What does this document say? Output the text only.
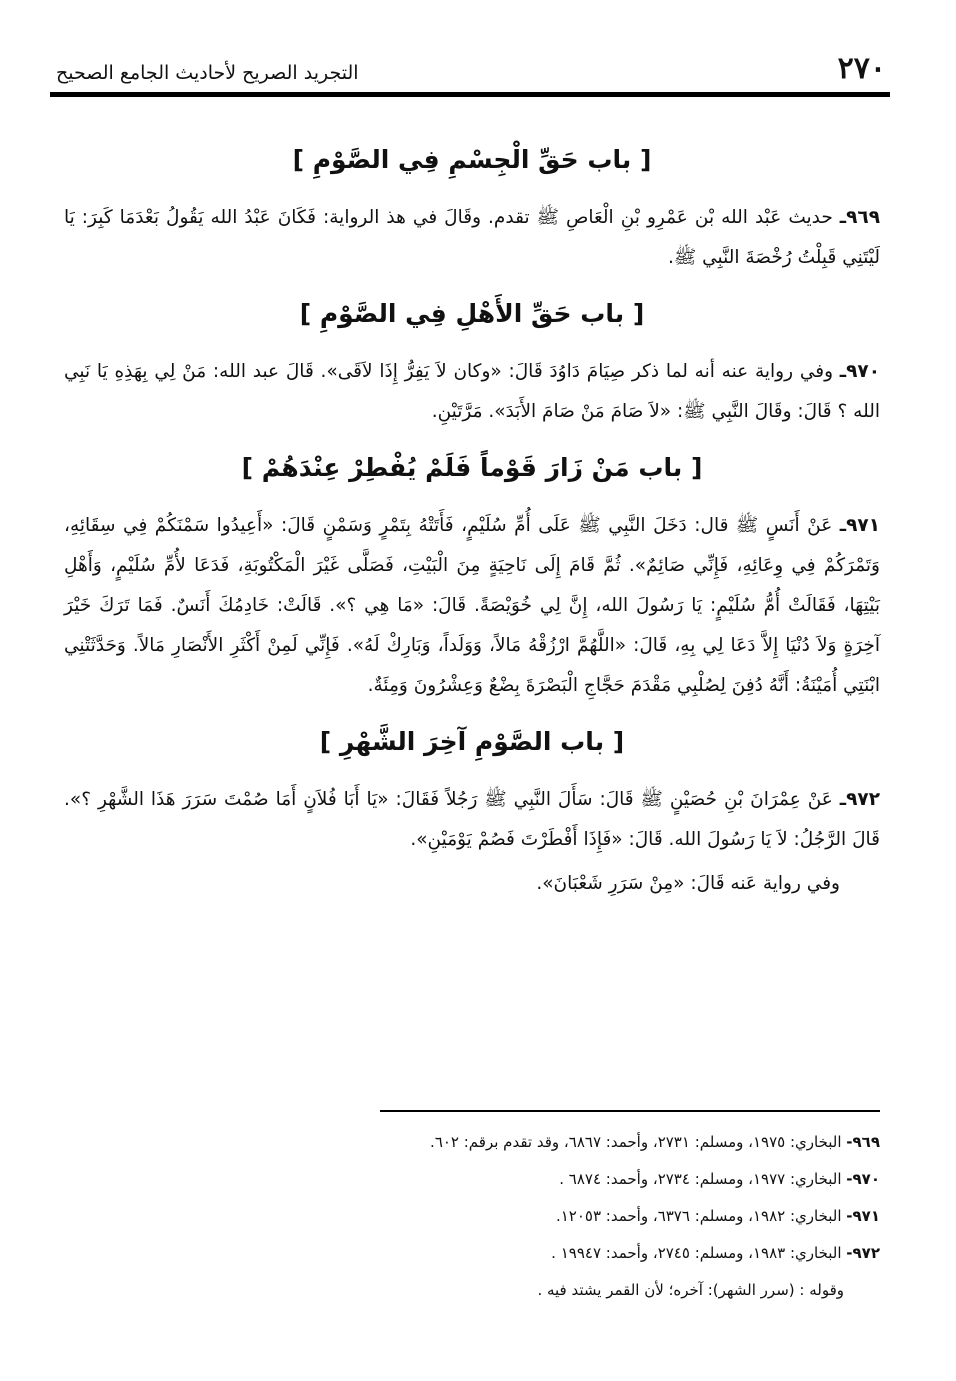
٢٧٠
التجريد الصريح لأحاديث الجامع الصحيح
[ باب حَقِّ الْجِسْمِ فِي الصَّوْمِ ]

٩٦٩ـ حديث عَبْد الله بْن عَمْرِو بْنِ الْعَاصِ ﷺ تقدم. وقَالَ في هذ الرواية: فَكَانَ عَبْدُ الله يَقُولُ بَعْدَمَا كَبِرَ: يَا لَيْتَنِي قَبِلْتُ رُخْصَةَ النَّبِي ﷺ.

[ باب حَقِّ الأَهْلِ فِي الصَّوْمِ ]

٩٧٠ـ وفي رواية عنه أنه لما ذكر صِيَامَ دَاوُدَ قَالَ: «وكان لاَ يَفِرُّ إِذَا لاَقَى». قَالَ عبد الله: مَنْ لِي بِهَذِهِ يَا نَبِي الله ؟ قَالَ: وقَالَ النَّبِي ﷺ: «لاَ صَامَ مَنْ صَامَ الأَبَدَ». مَرَّتَيْنِ.

[ باب مَنْ زَارَ قَوْماً فَلَمْ يُفْطِرْ عِنْدَهُمْ ]

٩٧١ـ عَنْ أَنَسٍ ﷺ قال: دَخَلَ النَّبِي ﷺ عَلَى أُمِّ سُلَيْمٍ، فَأَتَتْهُ بِتَمْرٍ وَسَمْنٍ قَالَ: «أَعِيدُوا سَمْنَكُمْ فِي سِقَائِهِ، وَتَمْرَكُمْ فِي وِعَائِهِ، فَإِنِّي صَائِمٌ». ثُمَّ قَامَ إِلَى نَاحِيَةٍ مِنَ الْبَيْتِ، فَصَلَّى غَيْرَ الْمَكْتُوبَةِ، فَدَعَا لأُمِّ سُلَيْمٍ، وَأَهْلِ بَيْتِهَا، فَقَالَتْ أُمُّ سُلَيْمٍ: يَا رَسُولَ الله، إِنَّ لِي خُوَيْصَةً. قَالَ: «مَا هِي ؟». قَالَتْ: خَادِمُكَ أَنَسٌ. فَمَا تَرَكَ خَيْرَ آخِرَةٍ وَلاَ دُنْيَا إِلاَّ دَعَا لِي بِهِ، قَالَ: «اللَّهُمَّ ارْزُقْهُ مَالاً، وَوَلَداً، وَبَارِكْ لَهُ». فَإِنِّي لَمِنْ أَكْثَرِ الأَنْصَارِ مَالاً. وَحَدَّثَتْنِي ابْنَتِي أُمَيْنَةُ: أَنَّهُ دُفِنَ لِصُلْبِي مَقْدَمَ حَجَّاجِ الْبَصْرَةَ بِضْعٌ وَعِشْرُونَ وَمِئَةٌ.

[ باب الصَّوْمِ آخِرَ الشَّهْرِ ]

٩٧٢ـ عَنْ عِمْرَانَ بْنِ حُصَيْنٍ ﷺ قَالَ: سَأَلَ النَّبِي ﷺ رَجُلاً فَقَالَ: «يَا أَبَا فُلاَنٍ أَمَا صُمْتَ سَرَرَ هَذَا الشَّهْرِ ؟». قَالَ الرَّجُلُ: لاَ يَا رَسُولَ الله. قَالَ: «فَإِذَا أَفْطَرْتَ فَصُمْ يَوْمَيْنِ».

وفي رواية عَنه قَالَ: «مِنْ سَرَرِ شَعْبَانَ».

٩٦٩- البخاري: ١٩٧٥، ومسلم: ٢٧٣١، وأحمد: ٦٨٦٧، وقد تقدم برقم: ٦٠٢.

٩٧٠- البخاري: ١٩٧٧، ومسلم: ٢٧٣٤، وأحمد: ٦٨٧٤ .

٩٧١- البخاري: ١٩٨٢، ومسلم: ٦٣٧٦، وأحمد: ١٢٠٥٣.

٩٧٢- البخاري: ١٩٨٣، ومسلم: ٢٧٤٥، وأحمد: ١٩٩٤٧ .

وقوله : (سرر الشهر): آخره؛ لأن القمر يشتد فيه .
